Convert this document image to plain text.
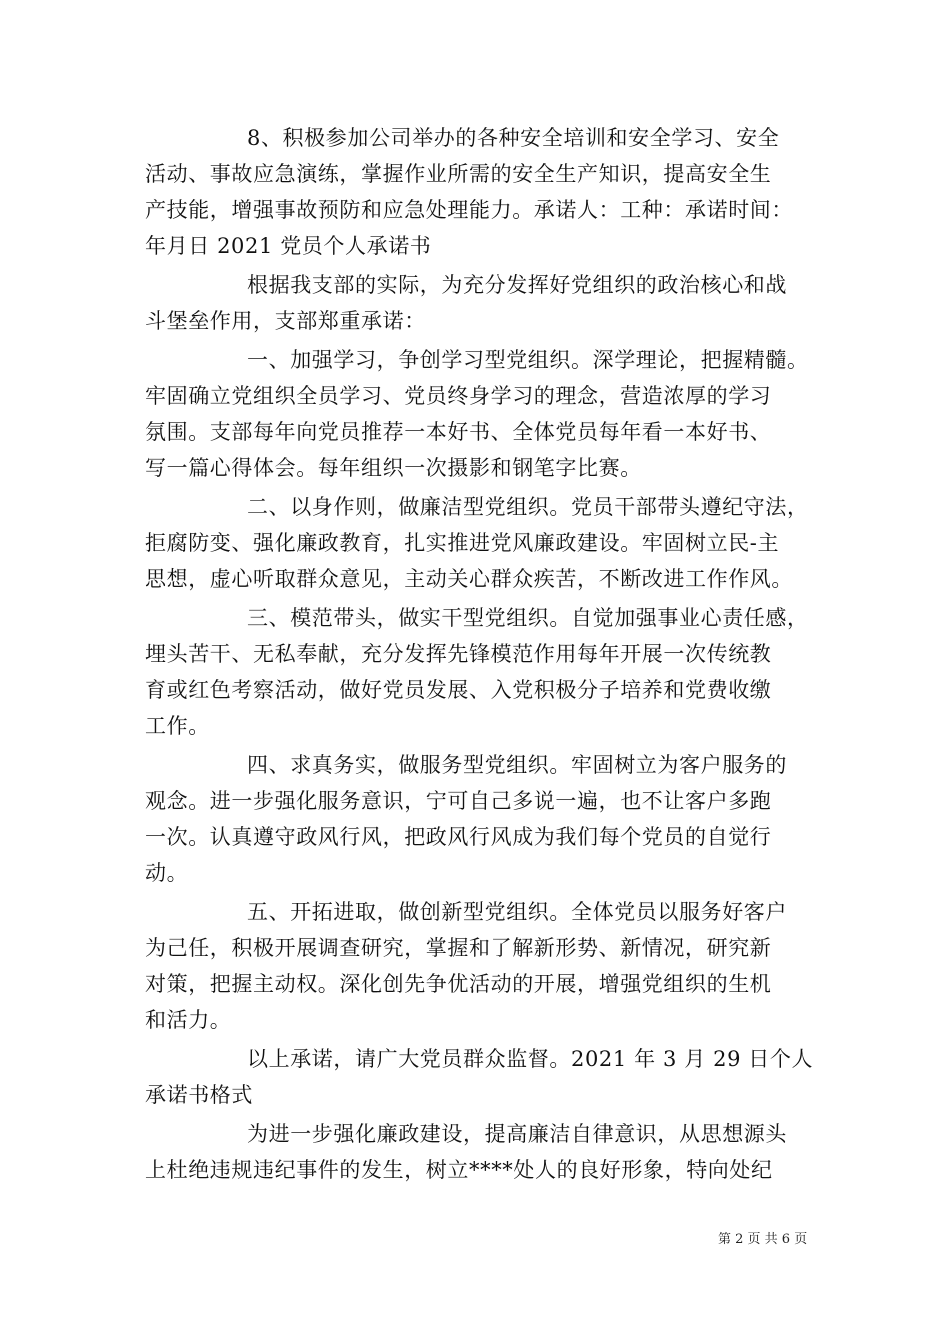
8、积极参加公司举办的各种安全培训和安全学习、安全
活动、事故应急演练，掌握作业所需的安全生产知识，提高安全生
产技能，增强事故预防和应急处理能力。承诺人：工种：承诺时间：
年月日 2021 党员个人承诺书
根据我支部的实际，为充分发挥好党组织的政治核心和战
斗堡垒作用，支部郑重承诺：
一、加强学习，争创学习型党组织。深学理论，把握精髓。
牢固确立党组织全员学习、党员终身学习的理念，营造浓厚的学习
氛围。支部每年向党员推荐一本好书、全体党员每年看一本好书、
写一篇心得体会。每年组织一次摄影和钢笔字比赛。
二、以身作则，做廉洁型党组织。党员干部带头遵纪守法，
拒腐防变、强化廉政教育，扎实推进党风廉政建设。牢固树立民-主
思想，虚心听取群众意见，主动关心群众疾苦，不断改进工作作风。
三、模范带头，做实干型党组织。自觉加强事业心责任感，
埋头苦干、无私奉献，充分发挥先锋模范作用每年开展一次传统教
育或红色考察活动，做好党员发展、入党积极分子培养和党费收缴
工作。
四、求真务实，做服务型党组织。牢固树立为客户服务的
观念。进一步强化服务意识，宁可自己多说一遍，也不让客户多跑
一次。认真遵守政风行风，把政风行风成为我们每个党员的自觉行
动。
五、开拓进取，做创新型党组织。全体党员以服务好客户
为己任，积极开展调查研究，掌握和了解新形势、新情况，研究新
对策，把握主动权。深化创先争优活动的开展，增强党组织的生机
和活力。
以上承诺，请广大党员群众监督。2021 年 3 月 29 日个人
承诺书格式
为进一步强化廉政建设，提高廉洁自律意识，从思想源头
上杜绝违规违纪事件的发生，树立****处人的良好形象，特向处纪
第 2 页 共 6 页
